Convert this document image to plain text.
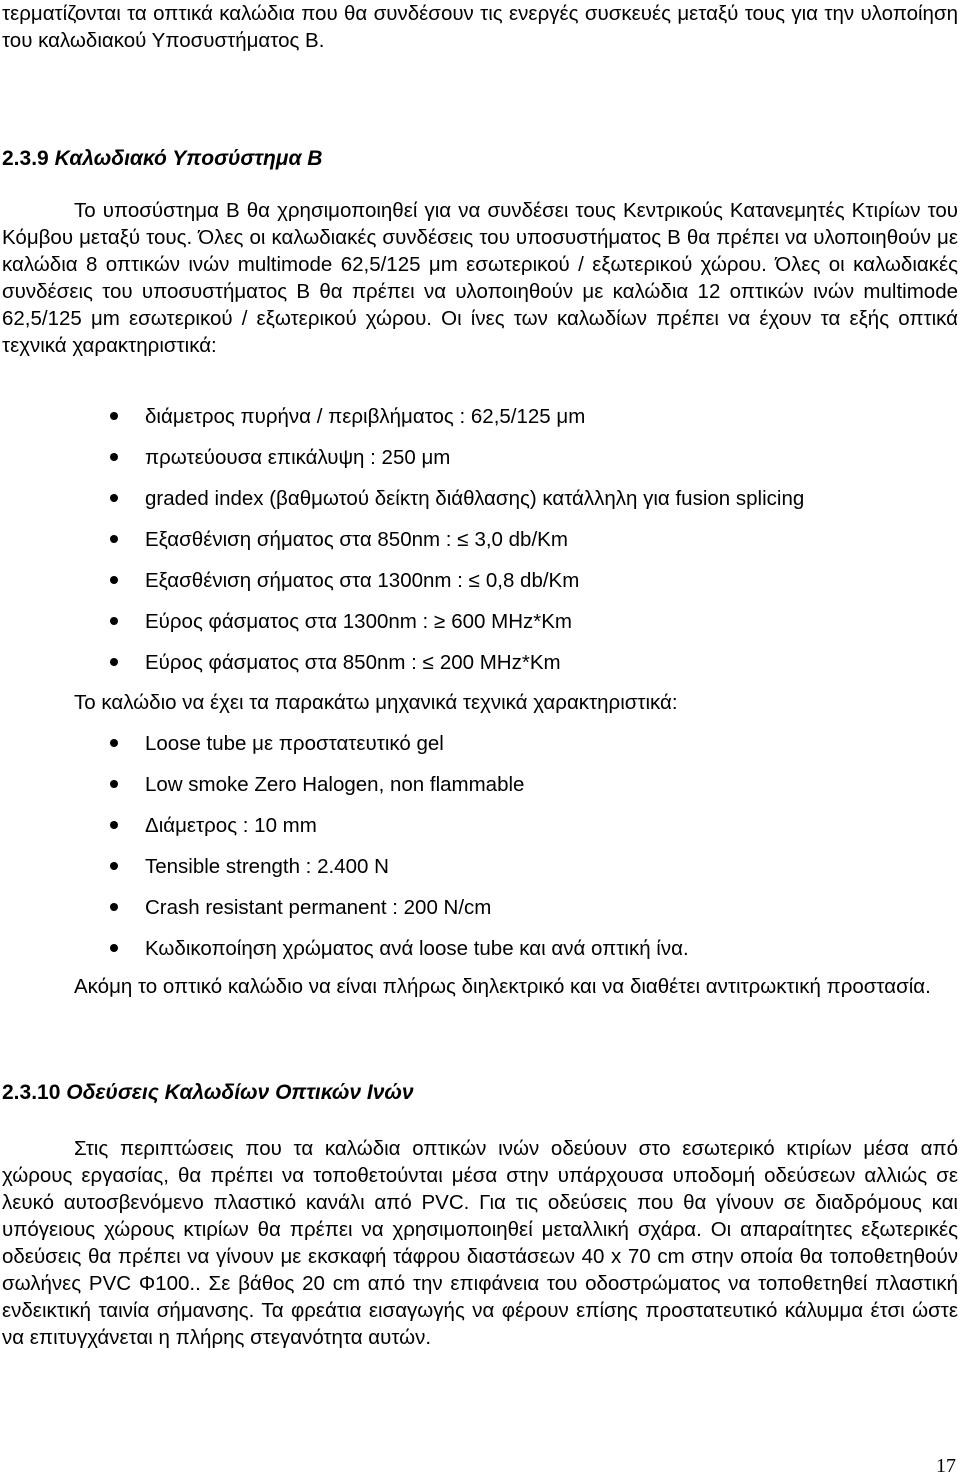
τερματίζονται τα οπτικά καλώδια που θα συνδέσουν τις ενεργές συσκευές μεταξύ τους για την υλοποίηση του καλωδιακού Υποσυστήματος Β.

2.3.9 Καλωδιακό Υποσύστημα Β

Το υποσύστημα Β θα χρησιμοποιηθεί για να συνδέσει τους Κεντρικούς Κατανεμητές Κτιρίων του Κόμβου μεταξύ τους. Όλες οι καλωδιακές συνδέσεις του υποσυστήματος Β θα πρέπει να υλοποιηθούν με καλώδια 8 οπτικών ινών multimode 62,5/125 μm εσωτερικού / εξωτερικού χώρου. Όλες οι καλωδιακές συνδέσεις του υποσυστήματος Β θα πρέπει να υλοποιηθούν με καλώδια 12 οπτικών ινών multimode 62,5/125 μm εσωτερικού / εξωτερικού χώρου. Οι ίνες των καλωδίων πρέπει να έχουν τα εξής οπτικά τεχνικά χαρακτηριστικά:

διάμετρος πυρήνα / περιβλήματος : 62,5/125 μm
πρωτεύουσα επικάλυψη : 250 μm
graded index (βαθμωτού δείκτη διάθλασης) κατάλληλη για fusion splicing
Εξασθένιση σήματος στα 850nm : ≤ 3,0 db/Km
Εξασθένιση σήματος στα 1300nm : ≤ 0,8 db/Km
Εύρος φάσματος στα 1300nm : ≥ 600 MHz*Km
Εύρος φάσματος στα 850nm : ≤ 200 MHz*Km

Το καλώδιο να έχει τα παρακάτω μηχανικά τεχνικά χαρακτηριστικά:

Loose tube με προστατευτικό gel
Low smoke Zero Halogen, non flammable
Διάμετρος : 10 mm
Tensible strength : 2.400 N
Crash resistant permanent : 200 N/cm
Κωδικοποίηση χρώματος ανά loose tube και ανά οπτική ίνα.

Ακόμη το οπτικό καλώδιο να είναι πλήρως διηλεκτρικό και να διαθέτει αντιτρωκτική προστασία.

2.3.10 Οδεύσεις Καλωδίων Οπτικών Ινών

Στις περιπτώσεις που τα καλώδια οπτικών ινών οδεύουν στο εσωτερικό κτιρίων μέσα από χώρους εργασίας, θα πρέπει να τοποθετούνται μέσα στην υπάρχουσα υποδομή οδεύσεων αλλιώς σε λευκό αυτοσβενόμενο πλαστικό κανάλι από PVC. Για τις οδεύσεις που θα γίνουν σε διαδρόμους και υπόγειους χώρους κτιρίων θα πρέπει να χρησιμοποιηθεί μεταλλική σχάρα. Οι απαραίτητες εξωτερικές οδεύσεις θα πρέπει να γίνουν με εκσκαφή τάφρου διαστάσεων 40 x 70 cm στην οποία θα τοποθετηθούν σωλήνες PVC Φ100.. Σε βάθος 20 cm από την επιφάνεια του οδοστρώματος να τοποθετηθεί πλαστική ενδεικτική ταινία σήμανσης. Τα φρεάτια εισαγωγής να φέρουν επίσης προστατευτικό κάλυμμα έτσι ώστε να επιτυγχάνεται η πλήρης στεγανότητα αυτών.

17
